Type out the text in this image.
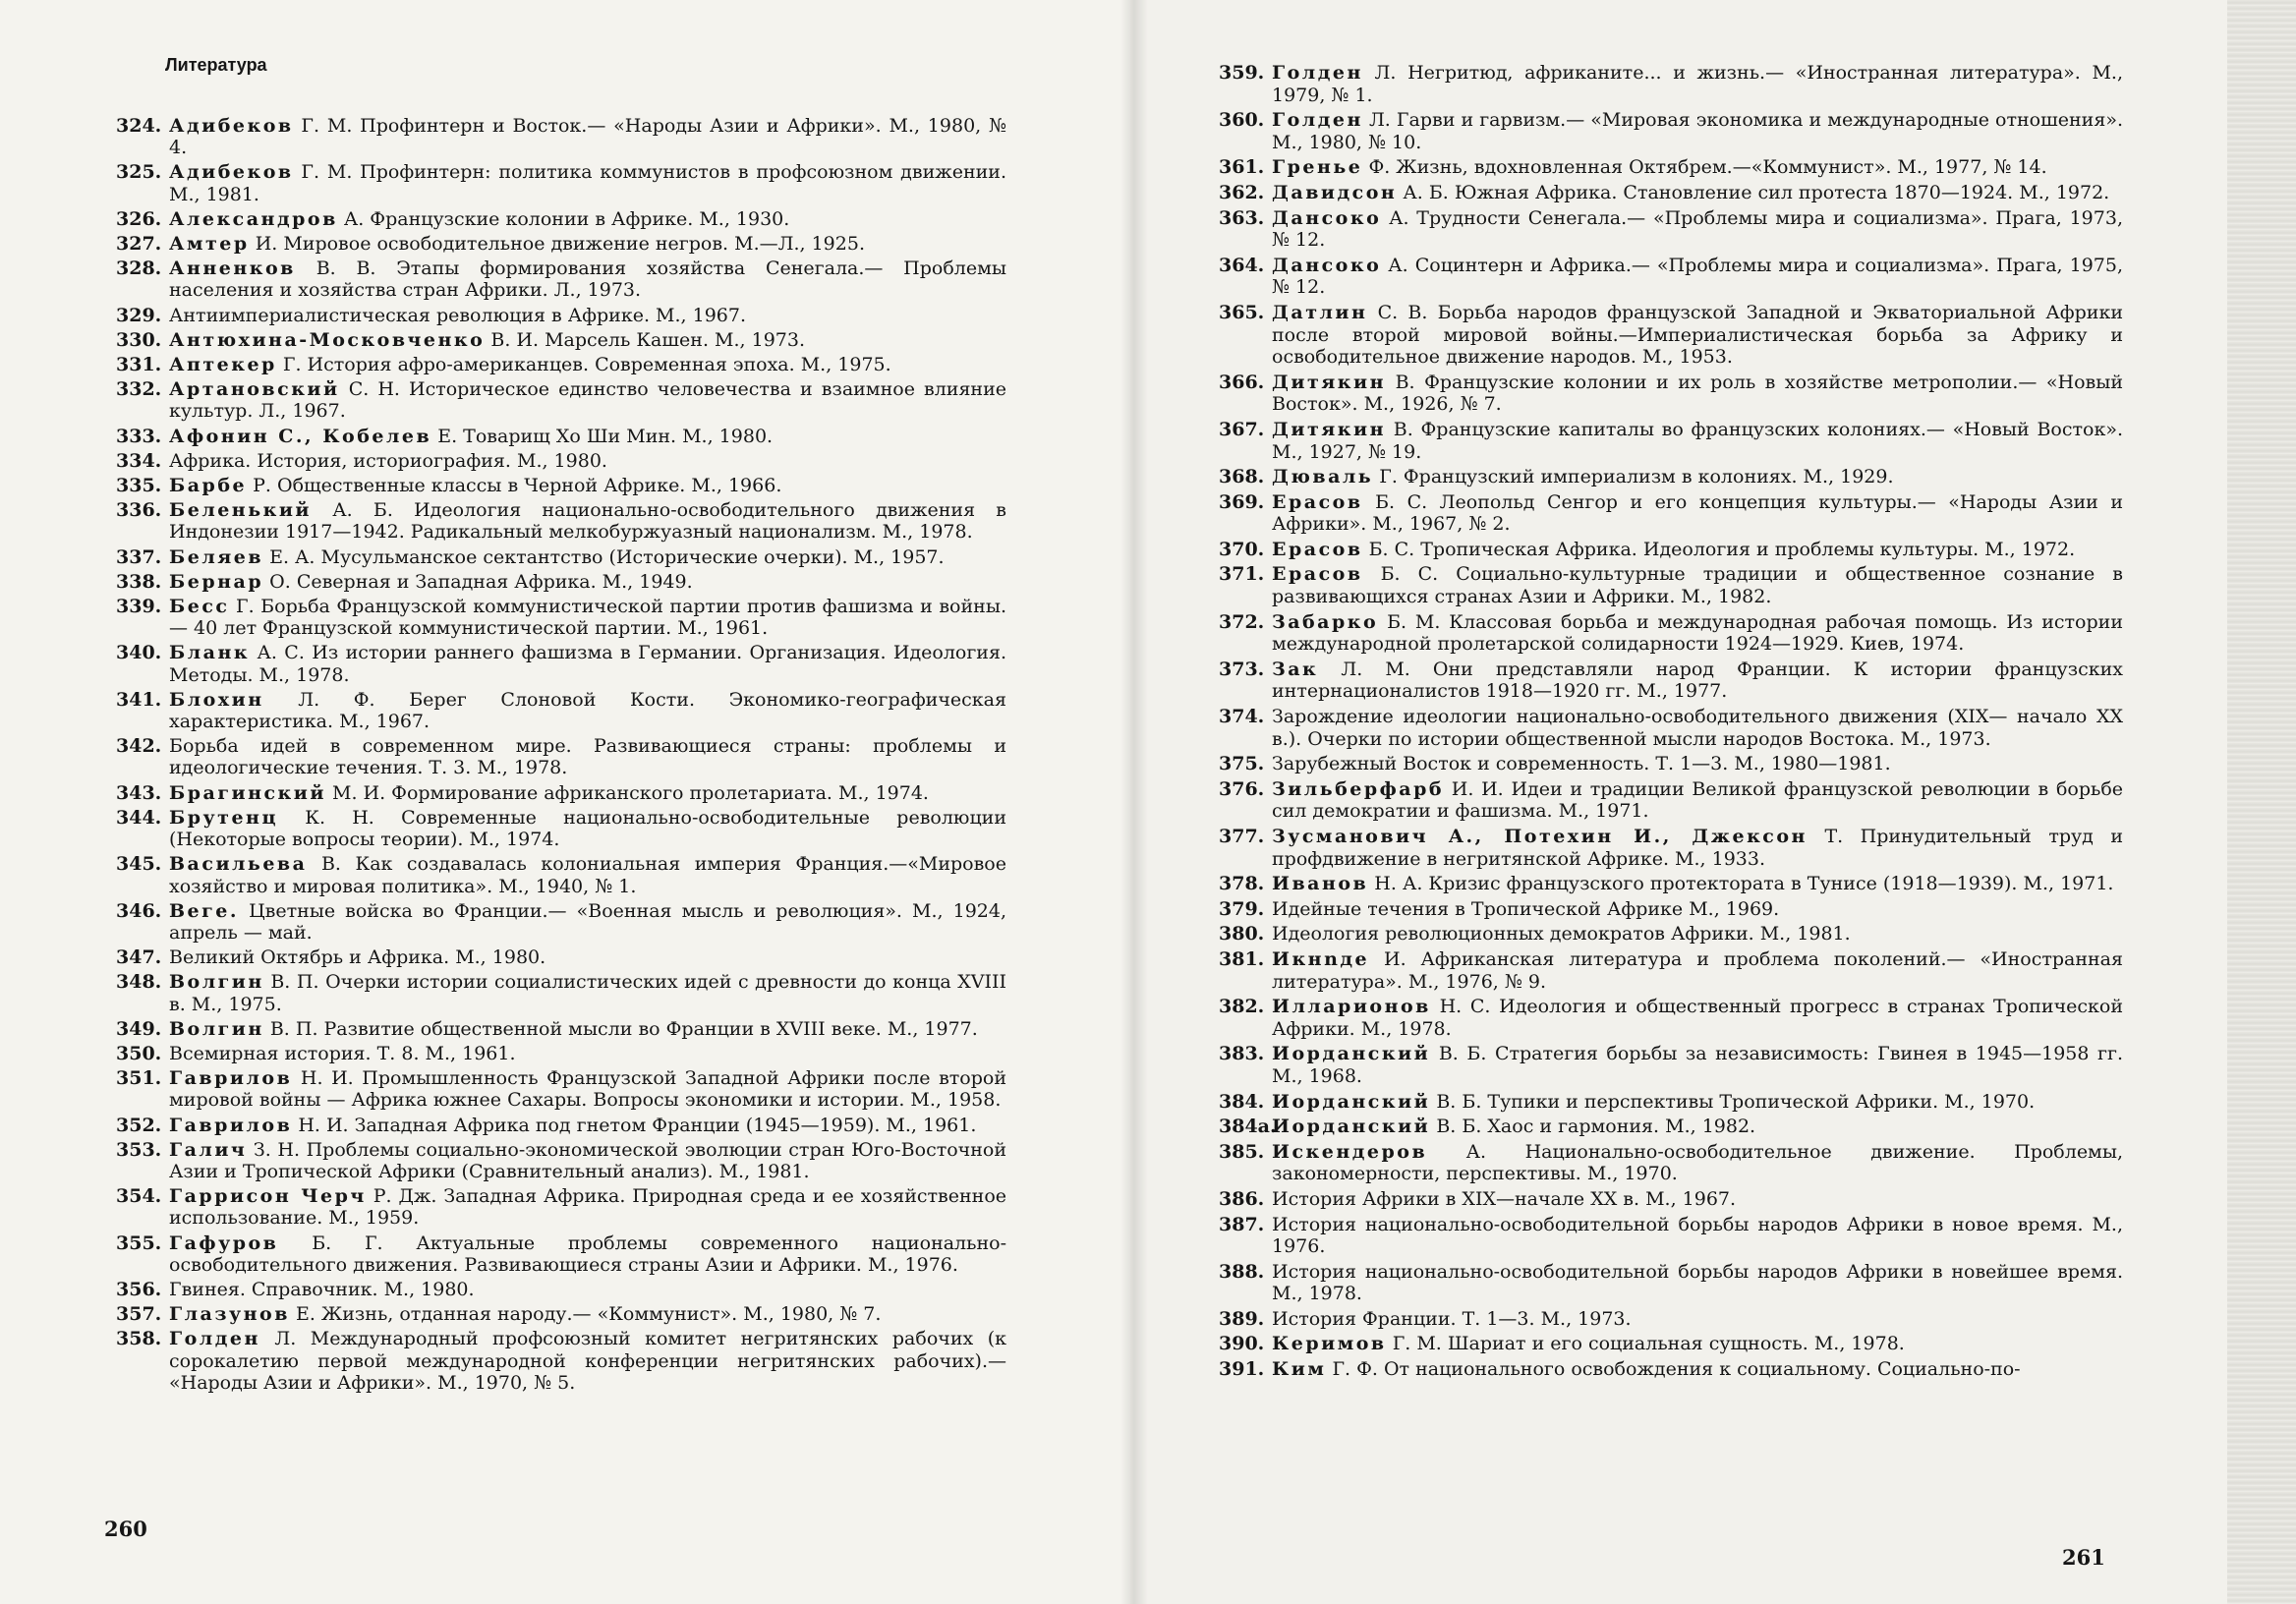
Литература
324. Адибеков Г. М. Профинтерн и Восток.— «Народы Азии и Африки». М., 1980, № 4.
325. Адибеков Г. М. Профинтерн: политика коммунистов в профсоюзном движении. М., 1981.
326. Александров А. Французские колонии в Африке. М., 1930.
327. Амтер И. Мировое освободительное движение негров. М.—Л., 1925.
328. Анненков В. В. Этапы формирования хозяйства Сенегала.— Проблемы населения и хозяйства стран Африки. Л., 1973.
329. Антиимпериалистическая революция в Африке. М., 1967.
330. Антюхина-Московченко В. И. Марсель Кашен. М., 1973.
331. Аптекер Г. История афро-американцев. Современная эпоха. М., 1975.
332. Артановский С. Н. Историческое единство человечества и взаимное влияние культур. Л., 1967.
333. Афонин С., Кобелев Е. Товарищ Хо Ши Мин. М., 1980.
334. Африка. История, историография. М., 1980.
335. Барбе Р. Общественные классы в Черной Африке. М., 1966.
336. Беленький А. Б. Идеология национально-освободительного движения в Индонезии 1917—1942. Радикальный мелкобуржуазный национализм. М., 1978.
337. Беляев Е. А. Мусульманское сектантство (Исторические очерки). М., 1957.
338. Бернар О. Северная и Западная Африка. М., 1949.
339. Бесс Г. Борьба Французской коммунистической партии против фашизма и войны.— 40 лет Французской коммунистической партии. М., 1961.
340. Бланк А. С. Из истории раннего фашизма в Германии. Организация. Идеология. Методы. М., 1978.
341. Блохин Л. Ф. Берег Слоновой Кости. Экономико-географическая характеристика. М., 1967.
342. Борьба идей в современном мире. Развивающиеся страны: проблемы и идеологические течения. Т. 3. М., 1978.
343. Брагинский М. И. Формирование африканского пролетариата. М., 1974.
344. Брутенц К. Н. Современные национально-освободительные революции (Некоторые вопросы теории). М., 1974.
345. Васильева В. Как создавалась колониальная империя Франция.—«Мировое хозяйство и мировая политика». М., 1940, № 1.
346. Веге. Цветные войска во Франции.— «Военная мысль и революция». М., 1924, апрель — май.
347. Великий Октябрь и Африка. М., 1980.
348. Волгин В. П. Очерки истории социалистических идей с древности до конца XVIII в. М., 1975.
349. Волгин В. П. Развитие общественной мысли во Франции в XVIII веке. М., 1977.
350. Всемирная история. Т. 8. М., 1961.
351. Гаврилов Н. И. Промышленность Французской Западной Африки после второй мировой войны — Африка южнее Сахары. Вопросы экономики и истории. М., 1958.
352. Гаврилов Н. И. Западная Африка под гнетом Франции (1945—1959). М., 1961.
353. Галич З. Н. Проблемы социально-экономической эволюции стран Юго-Восточной Азии и Тропической Африки (Сравнительный анализ). М., 1981.
354. Гаррисон Черч Р. Дж. Западная Африка. Природная среда и ее хозяйственное использование. М., 1959.
355. Гафуров Б. Г. Актуальные проблемы современного национально-освободительного движения. Развивающиеся страны Азии и Африки. М., 1976.
356. Гвинея. Справочник. М., 1980.
357. Глазунов Е. Жизнь, отданная народу.— «Коммунист». М., 1980, № 7.
358. Голден Л. Международный профсоюзный комитет негритянских рабочих (к сорокалетию первой международной конференции негритянских рабочих).— «Народы Азии и Африки». М., 1970, № 5.
359. Голден Л. Негритюд, африканите... и жизнь.— «Иностранная литература». М., 1979, № 1.
360. Голден Л. Гарви и гарвизм.— «Мировая экономика и международные отношения». М., 1980, № 10.
361. Гренье Ф. Жизнь, вдохновленная Октябрем.—«Коммунист». М., 1977, № 14.
362. Давидсон А. Б. Южная Африка. Становление сил протеста 1870—1924. М., 1972.
363. Дансоко А. Трудности Сенегала.— «Проблемы мира и социализма». Прага, 1973, № 12.
364. Дансоко А. Социнтерн и Африка.— «Проблемы мира и социализма». Прага, 1975, № 12.
365. Датлин С. В. Борьба народов французской Западной и Экваториальной Африки после второй мировой войны.—Империалистическая борьба за Африку и освободительное движение народов. М., 1953.
366. Дитякин В. Французские колонии и их роль в хозяйстве метрополии.— «Новый Восток». М., 1926, № 7.
367. Дитякин В. Французские капиталы во французских колониях.— «Новый Восток». М., 1927, № 19.
368. Дюваль Г. Французский империализм в колониях. М., 1929.
369. Ерасов Б. С. Леопольд Сенгор и его концепция культуры.— «Народы Азии и Африки». М., 1967, № 2.
370. Ерасов Б. С. Тропическая Африка. Идеология и проблемы культуры. М., 1972.
371. Ерасов Б. С. Социально-культурные традиции и общественное сознание в развивающихся странах Азии и Африки. М., 1982.
372. Забарко Б. М. Классовая борьба и международная рабочая помощь. Из истории международной пролетарской солидарности 1924—1929. Киев, 1974.
373. Зак Л. М. Они представляли народ Франции. К истории французских интернационалистов 1918—1920 гг. М., 1977.
374. Зарождение идеологии национально-освободительного движения (XIX— начало XX в.). Очерки по истории общественной мысли народов Востока. М., 1973.
375. Зарубежный Восток и современность. Т. 1—3. М., 1980—1981.
376. Зильберфарб И. И. Идеи и традиции Великой французской революции в борьбе сил демократии и фашизма. М., 1971.
377. Зусманович А., Потехин И., Джексон Т. Принудительный труд и профдвижение в негритянской Африке. М., 1933.
378. Иванов Н. А. Кризис французского протектората в Тунисе (1918—1939). М., 1971.
379. Идейные течения в Тропической Африке М., 1969.
380. Идеология революционных демократов Африки. М., 1981.
381. Икнnде И. Африканская литература и проблема поколений.— «Иностранная литература». М., 1976, № 9.
382. Илларионов Н. С. Идеология и общественный прогресс в странах Тропической Африки. М., 1978.
383. Иорданский В. Б. Стратегия борьбы за независимость: Гвинея в 1945—1958 гг. М., 1968.
384. Иорданский В. Б. Тупики и перспективы Тропической Африки. М., 1970.
384а.
Иорданский В. Б. Хаос и гармония. М., 1982.
385. Искендеров А. Национально-освободительное движение. Проблемы, закономерности, перспективы. М., 1970.
386. История Африки в XIX—начале XX в. М., 1967.
387. История национально-освободительной борьбы народов Африки в новое время. М., 1976.
388. История национально-освободительной борьбы народов Африки в новейшее время. М., 1978.
389. История Франции. Т. 1—3. М., 1973.
390. Керимов Г. М. Шариат и его социальная сущность. М., 1978.
391. Ким Г. Ф. От национального освобождения к социальному. Социально-по-
260
261
